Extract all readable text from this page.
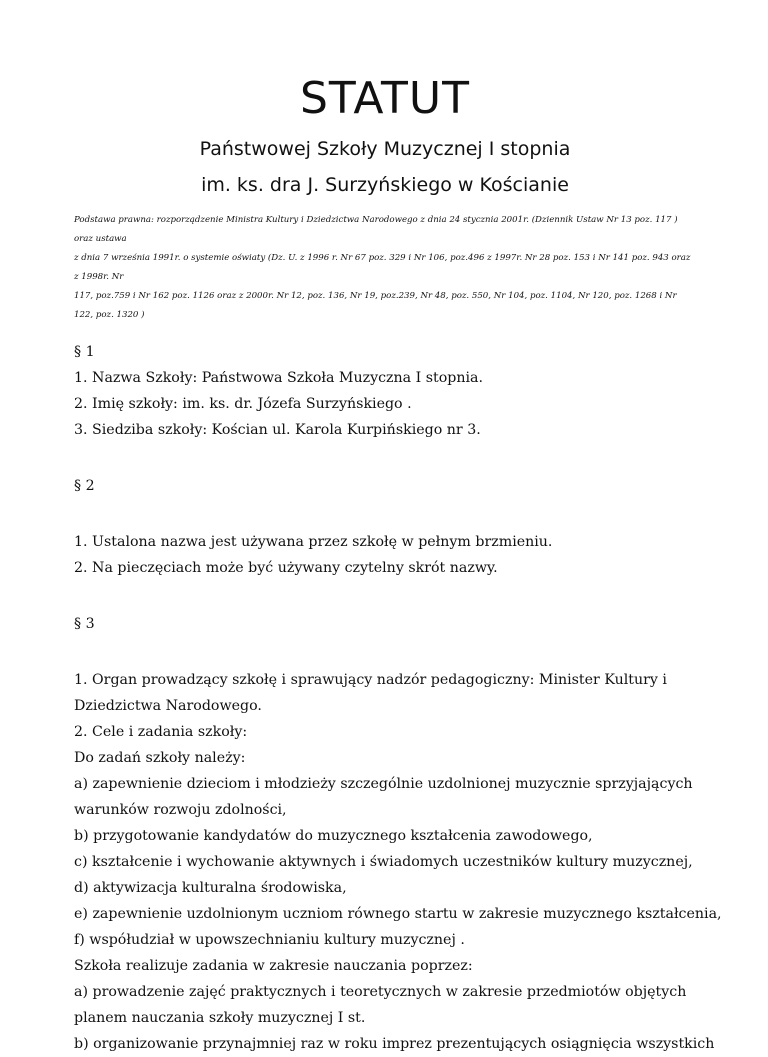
STATUT
Państwowej Szkoły Muzycznej I stopnia
im. ks. dra J. Surzyńskiego w Kościanie
Podstawa prawna: rozporządzenie Ministra Kultury i Dziedzictwa Narodowego z dnia 24 stycznia 2001r. (Dziennik Ustaw Nr 13 poz. 117 ) oraz ustawa
z dnia 7 września 1991r. o systemie oświaty (Dz. U. z 1996 r. Nr 67 poz. 329 i Nr 106, poz.496 z 1997r. Nr 28 poz. 153 i Nr 141 poz. 943 oraz z 1998r. Nr
117, poz.759 i Nr 162 poz. 1126 oraz z 2000r. Nr 12, poz. 136, Nr 19, poz.239, Nr 48, poz. 550, Nr 104, poz. 1104, Nr 120, poz. 1268 i Nr 122, poz. 1320 )
§ 1
1. Nazwa Szkoły: Państwowa Szkoła Muzyczna I stopnia.
2. Imię szkoły: im. ks. dr. Józefa Surzyńskiego .
3. Siedziba szkoły: Kościan ul. Karola Kurpińskiego nr 3.
§ 2
1. Ustalona nazwa jest używana przez szkołę w pełnym brzmieniu.
2. Na pieczęciach może być używany czytelny skrót nazwy.
§ 3
1. Organ prowadzący szkołę i sprawujący nadzór pedagogiczny: Minister Kultury i
Dziedzictwa Narodowego.
2. Cele i zadania szkoły:
Do zadań szkoły należy:
a) zapewnienie dzieciom i młodzieży szczególnie uzdolnionej muzycznie sprzyjających
warunków rozwoju zdolności,
b) przygotowanie kandydatów do muzycznego kształcenia zawodowego,
c) kształcenie i wychowanie aktywnych i świadomych uczestników kultury muzycznej,
d) aktywizacja kulturalna środowiska,
e) zapewnienie uzdolnionym uczniom równego startu w zakresie muzycznego kształcenia,
f) współudział w upowszechnianiu kultury muzycznej .
Szkoła realizuje zadania w zakresie nauczania poprzez:
a) prowadzenie zajęć praktycznych i teoretycznych w zakresie przedmiotów objętych
planem nauczania szkoły muzycznej I st.
b) organizowanie przynajmniej raz w roku imprez prezentujących osiągnięcia wszystkich
